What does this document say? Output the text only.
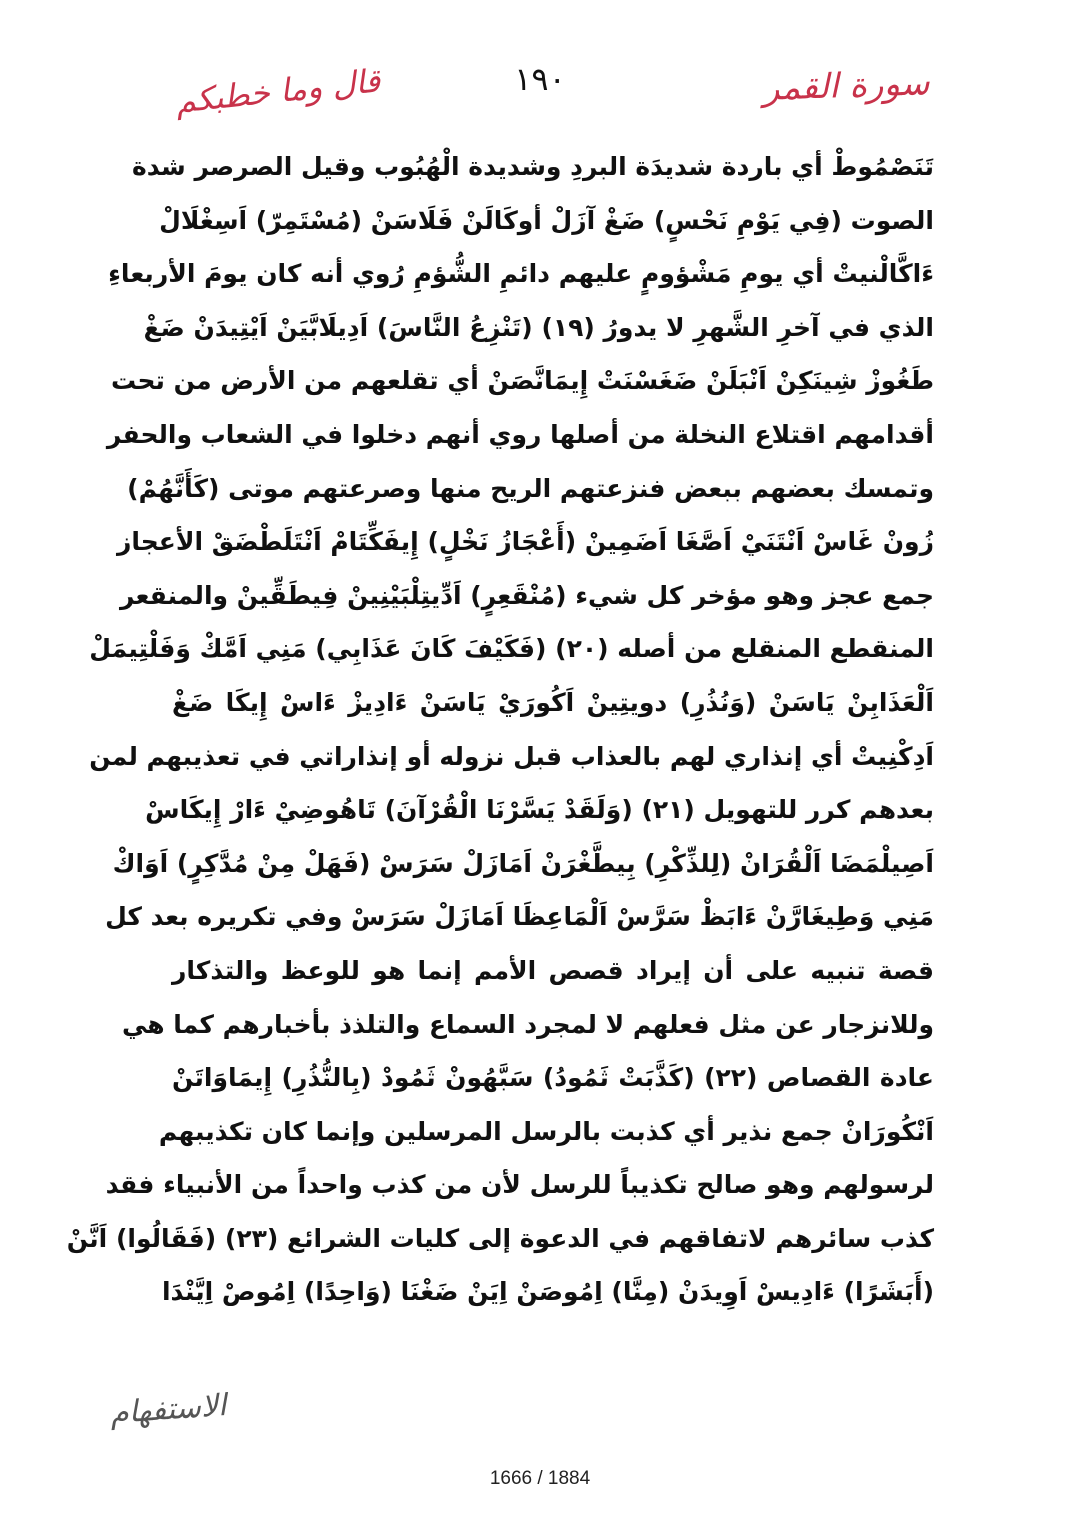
سورة القمر
١٩٠
قال وما خطبكم
تَنَصْمُوطْ أي باردة شديدَة البردِ وشديدة الْهُبُوب وقيل الصرصر شدة
الصوت (فِي يَوْمِ نَحْسٍ) ضَغْ آزَلْ أوكَالَنْ فَلَاسَنْ (مُسْتَمِرّ) اَسِغْلَالْ
ءَاكَّالْنيتْ أي يومِ مَشْؤومٍ عليهم دائمِ الشُّؤمِ رُوي أنه كان يومَ الأربعاءِ
الذي في آخرِ الشَّهرِ لا يدورُ (١٩) (تَنْزِعُ النَّاسَ) اَدِيلَابَّيَنْ اَيْتِيدَنْ ضَغْ
طَغُوزْ شِينَكِنْ اَنْبَلَنْ ضَغَسْنَتْ إِيمَانَّصَنْ أي تقلعهم من الأرض من تحت
أقدامهم اقتلاع النخلة من أصلها روي أنهم دخلوا في الشعاب والحفر
وتمسك بعضهم ببعض فنزعتهم الريح منها وصرعتهم موتى (كَأَنَّهُمْ)
زُونْ غَاسْ اَنْتَنَيْ اَصَّغَا اَضَمِينْ (أَعْجَازُ نَخْلٍ) إِيفَكِّتَامْ اَنْتَلَطْضَقْ الأعجاز
جمع عجز وهو مؤخر كل شيء (مُنْقَعِرٍ) اَدِّيتِلْبَيْنِينْ فِيطَقِّينْ والمنقعر
المنقطع المنقلع من أصله (٢٠) (فَكَيْفَ كَانَ عَذَابِي) مَنِي اَمَّكْ وَفَلْتِيمَلْ
اَلْعَذَابِنْ يَاسَنْ (وَنُذُرِ) دويتِينْ اَكُورَيْ يَاسَنْ ءَادِيزْ ءَاسْ إِيكَا ضَغْ
اَدِكْنِيتْ أي إنذاري لهم بالعذاب قبل نزوله أو إنذاراتي في تعذيبهم لمن
بعدهم كرر للتهويل (٢١) (وَلَقَدْ يَسَّرْنَا الْقُرْآنَ) تَاهُوضِيْ ءَارْ إِيكَاسْ
اَصِيلْمَضَا اَلْقُرَانْ (لِلذِّكْرِ) بِيطَّغْرَنْ اَمَازَلْ سَرَسْ (فَهَلْ مِنْ مُدَّكِرٍ) اَوَاكْ
مَنِي وَطِيغَارَّنْ ءَابَظْ سَرَّسْ اَلْمَاعِظَا اَمَازَلْ سَرَسْ وفي تكريره بعد كل
قصة تنبيه على أن إيراد قصص الأمم إنما هو للوعظ والتذكار
وللانزجار عن مثل فعلهم لا لمجرد السماع والتلذذ بأخبارهم كما هي
عادة القصاص (٢٢) (كَذَّبَتْ ثَمُودُ) سَبَّهُونْ ثَمُودْ (بِالنُّذُرِ) إِيمَاوَاتَنْ
اَنْكُورَانْ جمع نذير أي كذبت بالرسل المرسلين وإنما كان تكذيبهم
لرسولهم وهو صالح تكذيباً للرسل لأن من كذب واحداً من الأنبياء فقد
كذب سائرهم لاتفاقهم في الدعوة إلى كليات الشرائع (٢٣) (فَقَالُوا) اَنَّنْ
(أَبَشَرًا) ءَادِيسْ اَوِيدَنْ (مِنَّا) اِمُوصَنْ اِيَنْ ضَغْنَا (وَاحِدًا) اِمُوصْ اِيَّنْدَا
الاستفهام
1666 / 1884
